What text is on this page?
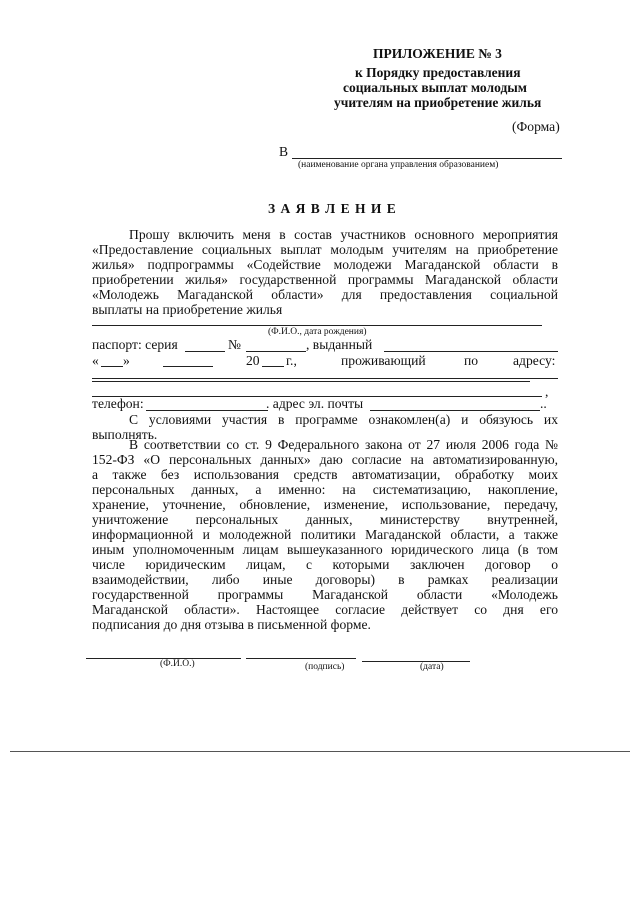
ПРИЛОЖЕНИЕ № 3
к Порядку предоставления
социальных выплат молодым
учителям на приобретение жилья
(Форма)
В
(наименование органа управления образованием)
З А Я В Л Е Н И Е
Прошу включить меня в состав участников основного мероприятия
«Предоставление социальных выплат молодым учителям на приобретение
жилья» подпрограммы «Содействие молодежи Магаданской области в
приобретении жилья» государственной программы Магаданской области
«Молодежь Магаданской области» для предоставления социальной
выплаты на приобретение жилья
(Ф.И.О., дата рождения)
паспорт: серия	№	, выданный
« »	20 г.,	проживающий	по	адресу:
,
телефон:	. адрес эл. почты	..
С условиями участия в программе ознакомлен(а) и обязуюсь их
выполнять.
В соответствии со ст. 9 Федерального закона от 27 июля 2006 года №
152-ФЗ «О персональных данных» даю согласие на автоматизированную,
а также без использования средств автоматизации, обработку моих
персональных данных, а именно: на систематизацию, накопление,
хранение, уточнение, обновление, изменение, использование, передачу,
уничтожение персональных данных, министерству внутренней,
информационной и молодежной политики Магаданской области, а также
иным уполномоченным лицам вышеуказанного юридического лица (в том
числе юридическим лицам, с которыми заключен договор о
взаимодействии, либо иные договоры) в рамках реализации
государственной программы Магаданской области «Молодежь
Магаданской области». Настоящее согласие действует со дня его
подписания до дня отзыва в письменной форме.
(Ф.И.О.)	(подпись)	(дата)
